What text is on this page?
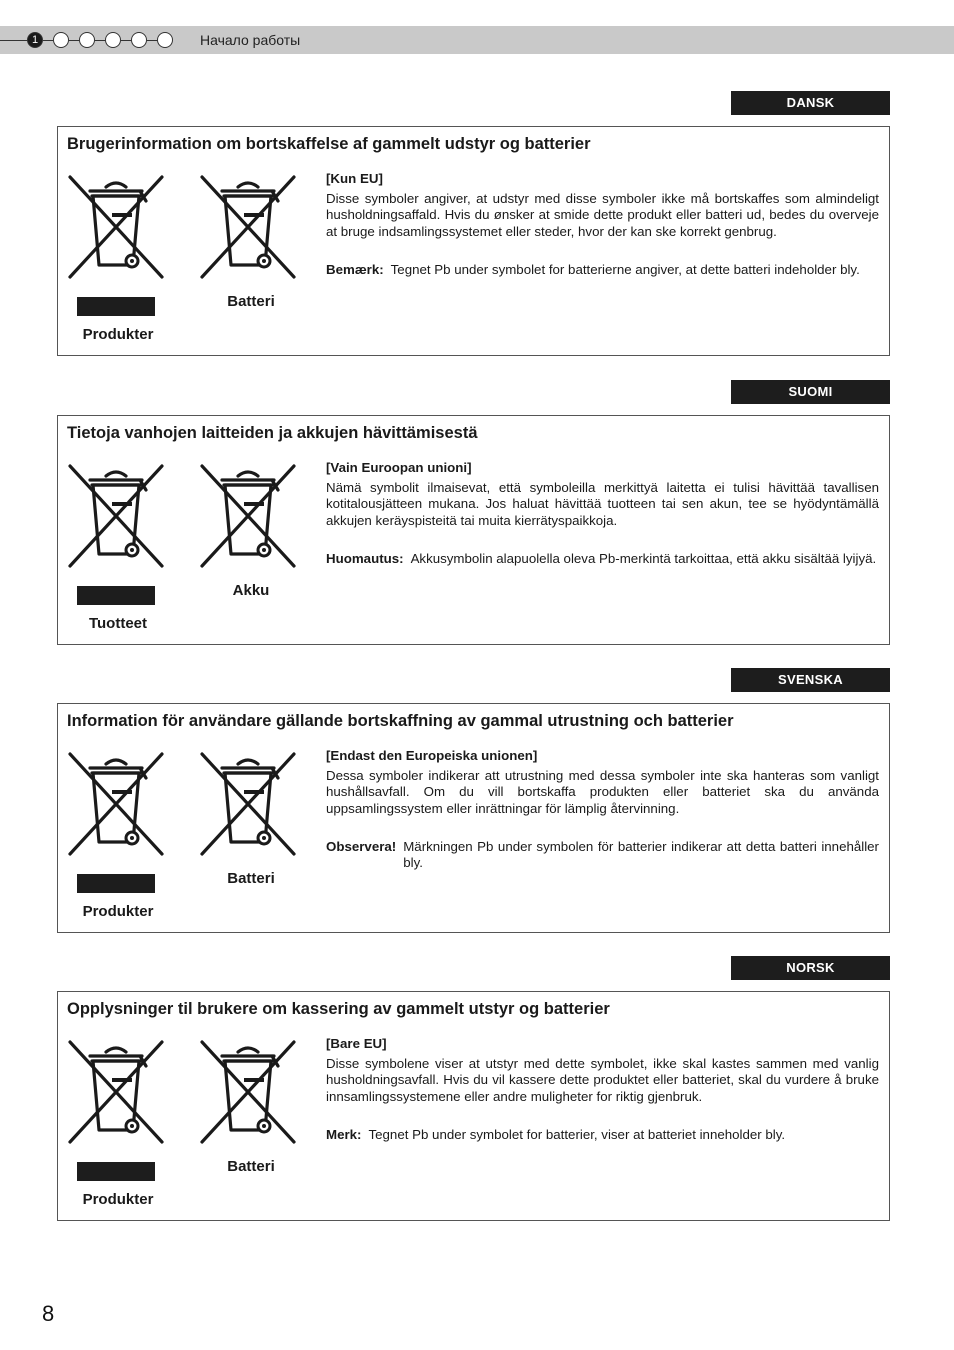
1	Начало работы
DANSK
Brugerinformation om bortskaffelse af gammelt udstyr og batterier
Produkter
Batteri
[Kun EU]
Disse symboler angiver, at udstyr med disse symboler ikke må bortskaffes som almindeligt husholdningsaffald. Hvis du ønsker at smide dette produkt eller batteri ud, bedes du overveje at bruge indsamlingssystemet eller steder, hvor der kan ske korrekt genbrug.
Bemærk: Tegnet Pb under symbolet for batterierne angiver, at dette batteri indeholder bly.
SUOMI
Tietoja vanhojen laitteiden ja akkujen hävittämisestä
Tuotteet
Akku
[Vain Euroopan unioni]
Nämä symbolit ilmaisevat, että symboleilla merkittyä laitetta ei tulisi hävittää tavallisen kotitalousjätteen mukana. Jos haluat hävittää tuotteen tai sen akun, tee se hyödyntämällä akkujen keräyspisteitä tai muita kierrätyspaikkoja.
Huomautus: Akkusymbolin alapuolella oleva Pb-merkintä tarkoittaa, että akku sisältää lyijyä.
SVENSKA
Information för användare gällande bortskaffning av gammal utrustning och batterier
Produkter
Batteri
[Endast den Europeiska unionen]
Dessa symboler indikerar att utrustning med dessa symboler inte ska hanteras som vanligt hushållsavfall. Om du vill bortskaffa produkten eller batteriet ska du använda uppsamlingssystem eller inrättningar för lämplig återvinning.
Observera! Märkningen Pb under symbolen för batterier indikerar att detta batteri innehåller bly.
NORSK
Opplysninger til brukere om kassering av gammelt utstyr og batterier
Produkter
Batteri
[Bare EU]
Disse symbolene viser at utstyr med dette symbolet, ikke skal kastes sammen med vanlig husholdningsavfall. Hvis du vil kassere dette produktet eller batteriet, skal du vurdere å bruke innsamlingssystemene eller andre muligheter for riktig gjenbruk.
Merk: Tegnet Pb under symbolet for batterier, viser at batteriet inneholder bly.
8
